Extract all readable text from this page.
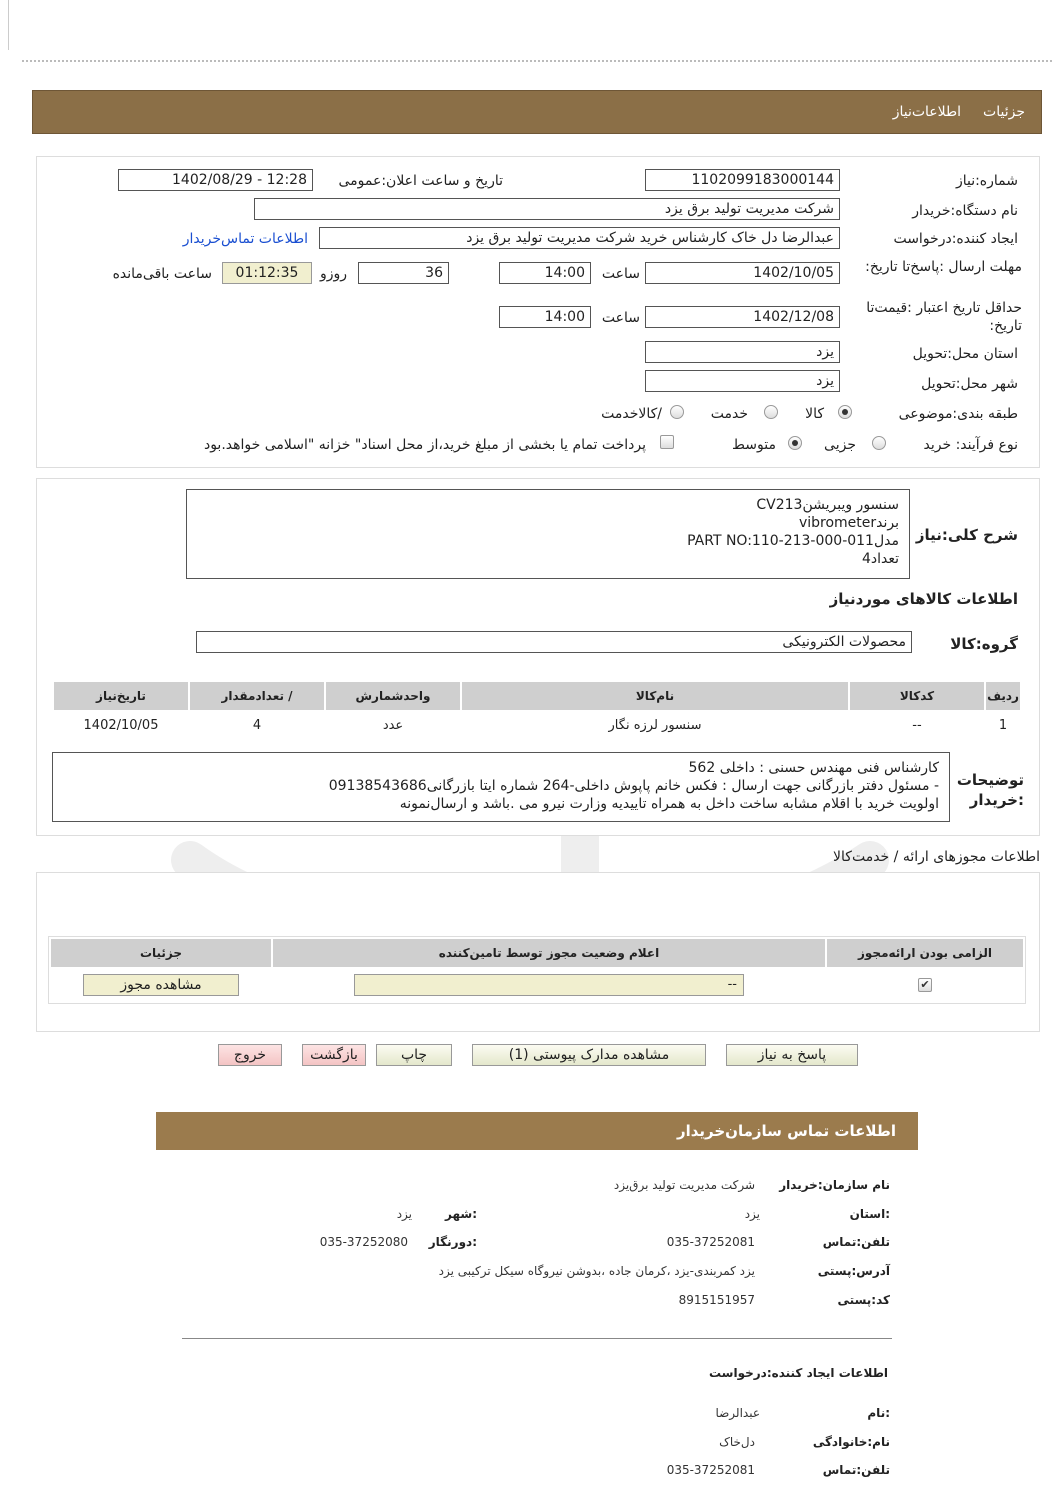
اطلاعات‌نیاز جزئیات
شماره:نیاز
1102099183000144
تاریخ و ساعت اعلان:عمومی
1402/08/29 - 12:28
نام دستگاه:خریدار
شرکت مدیریت تولید برق یزد
ایجاد کننده:درخواست
عبدالرضا دل خاک کارشناس خرید شرکت مدیریت تولید برق یزد
اطلاعات تماس‌خریدار
مهلت ارسال :پاسخ‌تا تاریخ:
1402/10/05
ساعت
14:00
36
روزو
01:12:35
ساعت باقی‌مانده
حداقل تاریخ اعتبار :قیمت‌تا تاریخ:
1402/12/08
ساعت
14:00
استان محل:تحویل
یزد
شهر محل:تحویل
یزد
طبقه بندی:موضوعی
کالا
خدمت
/کالاخدمت
نوع فرآیند: خرید
جزیی
متوسط
پرداخت تمام یا بخشی از مبلغ خرید،از محل اسناد" خزانه "اسلامی خواهد.بود
شرح کلی:نیاز
سنسور ویبریشنCV213
برندvibrometer
مدلPART NO:110-213-000-011
تعداد4
اطلاعات کالاهای موردنیاز
گروه:کالا
محصولات الکترونیکی
ردیف	کدکالا	نام‌کالا	واحدشمارش	/ تعدادمقدار	تاریخ‌نیاز
1	--	سنسور لرزه نگار	عدد	4	1402/10/05
توضیحات :خریدار
کارشناس فنی مهندس حسنی : داخلی 562
- مسئول دفتر بازرگانی جهت ارسال : فکس خانم پاپوش داخلی-264 شماره ایتا بازرگانی09138543686
اولویت خرید با اقلام مشابه ساخت داخل به همراه تاییدیه وزارت نیرو می .باشد و ارسال‌نمونه
اطلاعات مجوزهای ارائه / خدمت‌کالا
الزامی بودن ارائه‌مجوز	اعلام وضعیت مجوز توسط تامین‌کننده	جزئیات
✔	--	مشاهده مجوز
پاسخ به نیاز
مشاهده مدارک پیوستی (1)
چاپ
بازگشت
خروج
اطلاعات تماس سازمان‌خریدار
نام سازمان:خریدار
شرکت مدیریت تولید برق‌یزد
:استان
یزد
:شهر
یزد
تلفن:تماس
035-37252081
:دورنگار
035-37252080
آدرس:پستی
یزد کمربندی-یزد ،کرمان جاده ،بدوشن نیروگاه سیکل ترکیبی یزد
کد:پستی
8915151957
اطلاعات ایجاد کننده:درخواست
:نام
عبدالرضا
نام:خانوادگی
دل‌خاک
تلفن:تماس
035-37252081
